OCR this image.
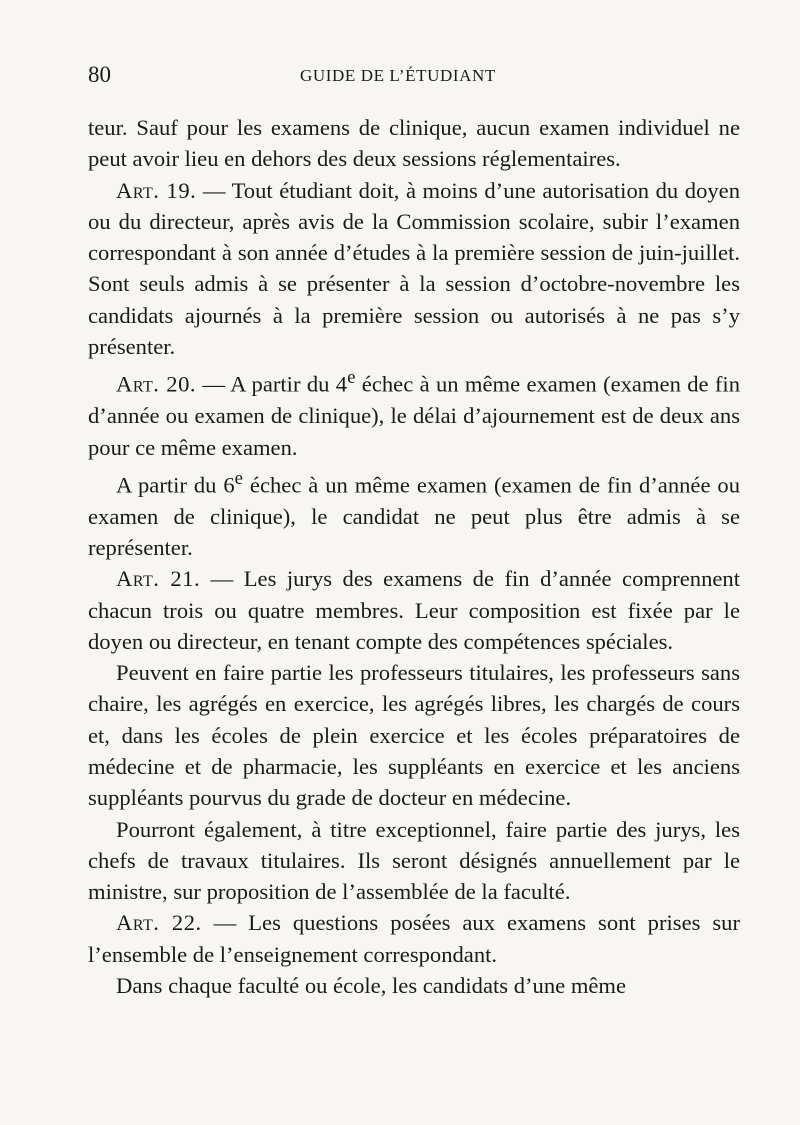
80	GUIDE DE L’ÉTUDIANT

teur. Sauf pour les examens de clinique, aucun examen individuel ne peut avoir lieu en dehors des deux sessions réglementaires.

Art. 19. — Tout étudiant doit, à moins d’une autorisation du doyen ou du directeur, après avis de la Commission scolaire, subir l’examen correspondant à son année d’études à la première session de juin-juillet. Sont seuls admis à se présenter à la session d’octobre-novembre les candidats ajournés à la première session ou autorisés à ne pas s’y présenter.

Art. 20. — A partir du 4e échec à un même examen (examen de fin d’année ou examen de clinique), le délai d’ajournement est de deux ans pour ce même examen.

A partir du 6e échec à un même examen (examen de fin d’année ou examen de clinique), le candidat ne peut plus être admis à se représenter.

Art. 21. — Les jurys des examens de fin d’année comprennent chacun trois ou quatre membres. Leur composition est fixée par le doyen ou directeur, en tenant compte des compétences spéciales.

Peuvent en faire partie les professeurs titulaires, les professeurs sans chaire, les agrégés en exercice, les agrégés libres, les chargés de cours et, dans les écoles de plein exercice et les écoles préparatoires de médecine et de pharmacie, les suppléants en exercice et les anciens suppléants pourvus du grade de docteur en médecine.

Pourront également, à titre exceptionnel, faire partie des jurys, les chefs de travaux titulaires. Ils seront désignés annuellement par le ministre, sur proposition de l’assemblée de la faculté.

Art. 22. — Les questions posées aux examens sont prises sur l’ensemble de l’enseignement correspondant.

Dans chaque faculté ou école, les candidats d’une même
